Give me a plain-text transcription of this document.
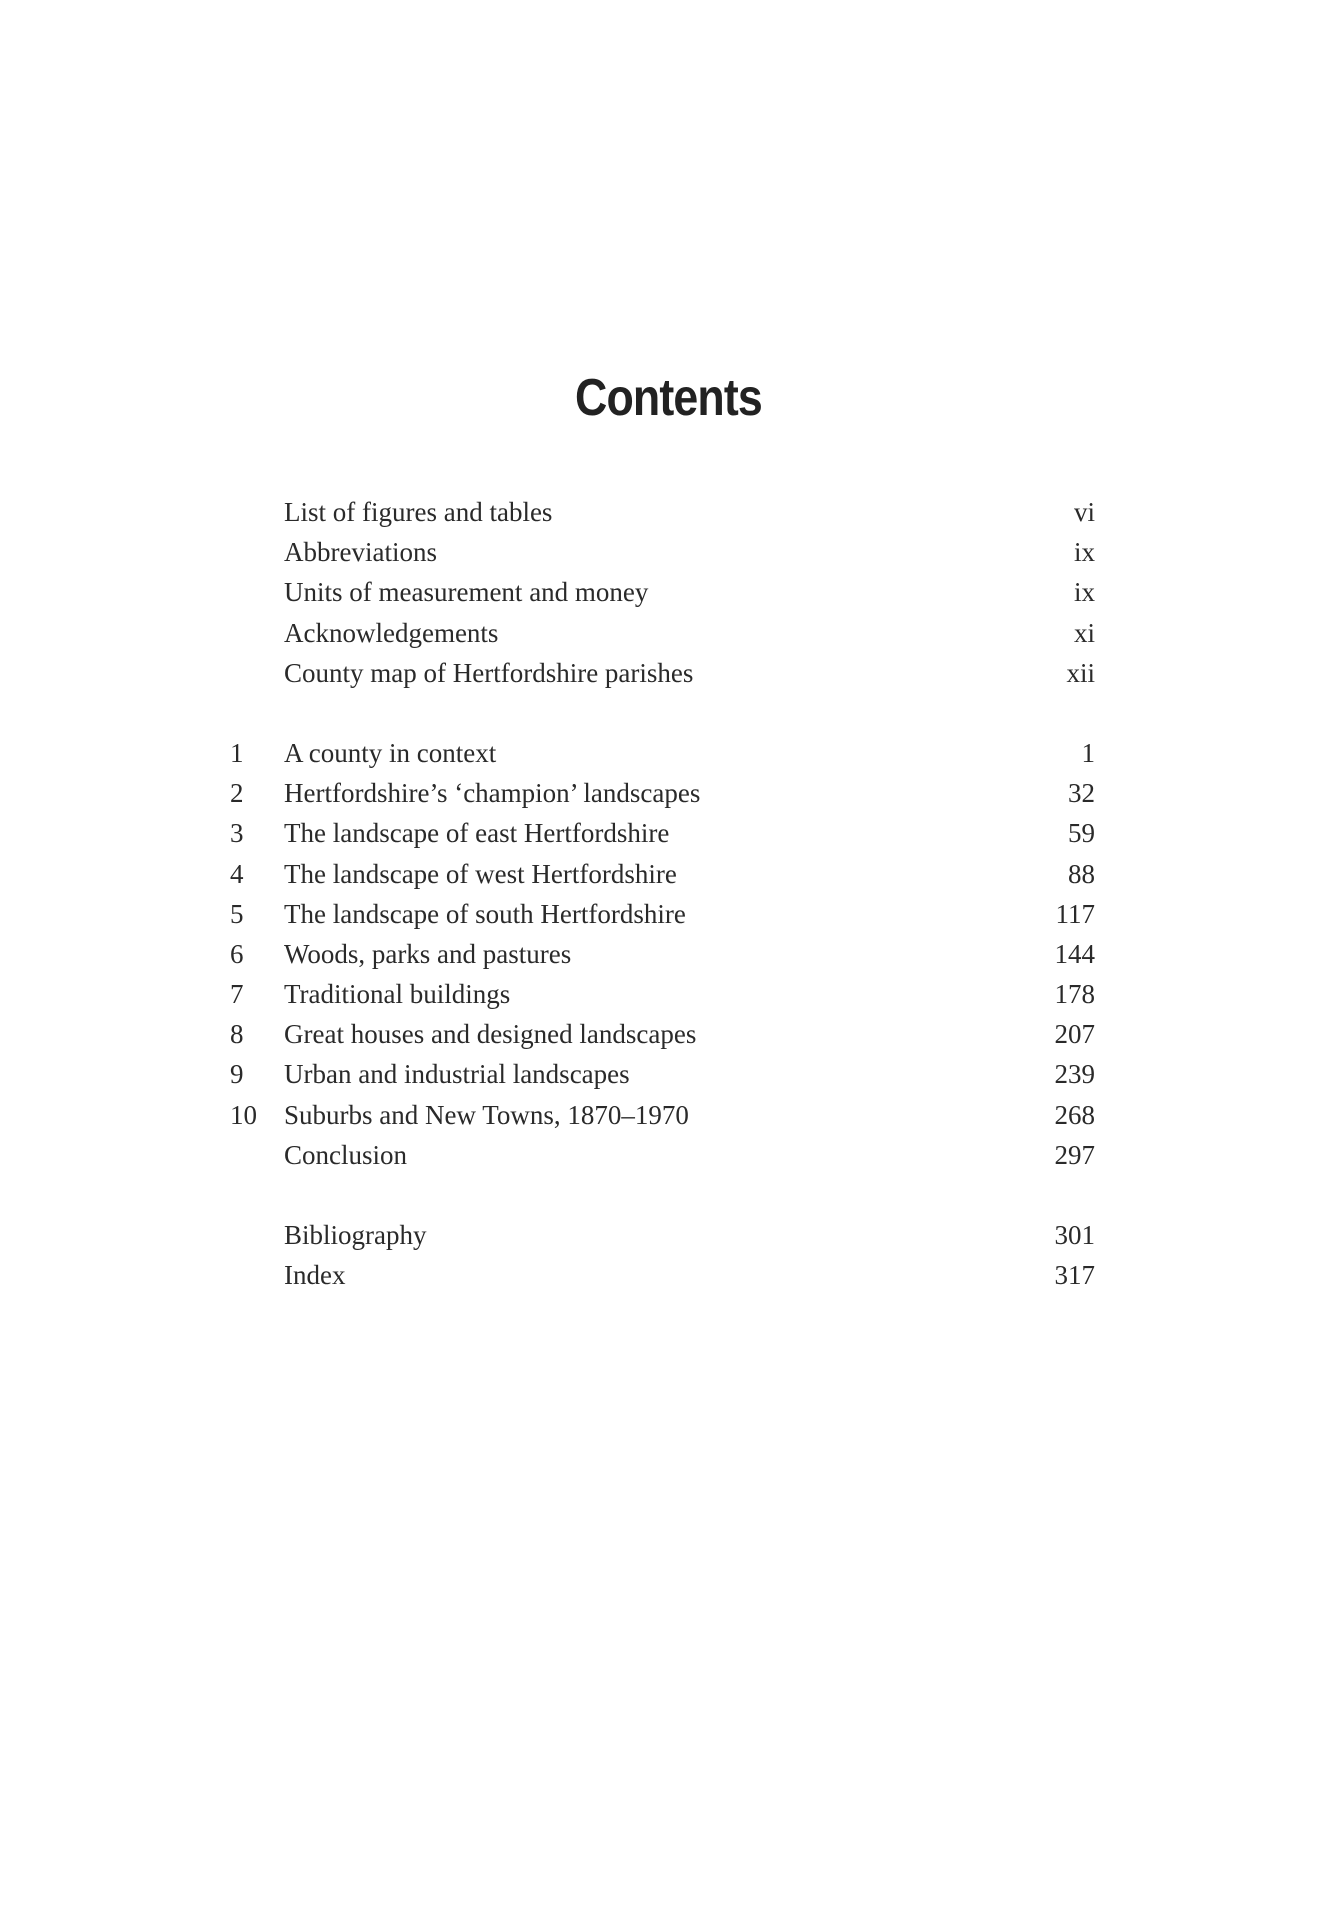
Contents
List of figures and tables	vi
Abbreviations	ix
Units of measurement and money	ix
Acknowledgements	xi
County map of Hertfordshire parishes	xii
1	A county in context	1
2	Hertfordshire’s ‘champion’ landscapes	32
3	The landscape of east Hertfordshire	59
4	The landscape of west Hertfordshire	88
5	The landscape of south Hertfordshire	117
6	Woods, parks and pastures	144
7	Traditional buildings	178
8	Great houses and designed landscapes	207
9	Urban and industrial landscapes	239
10	Suburbs and New Towns, 1870–1970	268
Conclusion	297
Bibliography	301
Index	317
